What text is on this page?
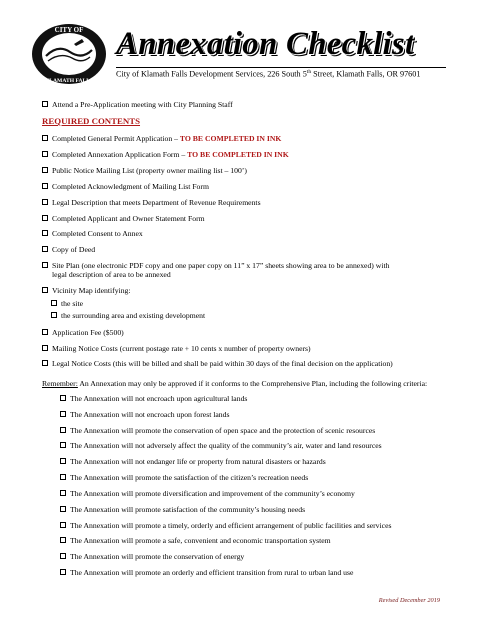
CITY OF
KLAMATH FALLS
Annexation Checklist
City of Klamath Falls Development Services, 226 South 5th Street, Klamath Falls, OR 97601
Attend a Pre-Application meeting with City Planning Staff
REQUIRED CONTENTS
Completed General Permit Application – TO BE COMPLETED IN INK
Completed Annexation Application Form – TO BE COMPLETED IN INK
Public Notice Mailing List (property owner mailing list – 100’)
Completed Acknowledgment of Mailing List Form
Legal Description that meets Department of Revenue Requirements
Completed Applicant and Owner Statement Form
Completed Consent to Annex
Copy of Deed
Site Plan (one electronic PDF copy and one paper copy on 11” x 17” sheets showing area to be annexed) with
legal description of area to be annexed
Vicinity Map identifying:
the site
the surrounding area and existing development
Application Fee ($500)
Mailing Notice Costs (current postage rate + 10 cents x number of property owners)
Legal Notice Costs (this will be billed and shall be paid within 30 days of the final decision on the application)
Remember: An Annexation may only be approved if it conforms to the Comprehensive Plan, including the following criteria:
The Annexation will not encroach upon agricultural lands
The Annexation will not encroach upon forest lands
The Annexation will promote the conservation of open space and the protection of scenic resources
The Annexation will not adversely affect the quality of the community’s air, water and land resources
The Annexation will not endanger life or property from natural disasters or hazards
The Annexation will promote the satisfaction of the citizen’s recreation needs
The Annexation will promote diversification and improvement of the community’s economy
The Annexation will promote satisfaction of the community’s housing needs
The Annexation will promote a timely, orderly and efficient arrangement of public facilities and services
The Annexation will promote a safe, convenient and economic transportation system
The Annexation will promote the conservation of energy
The Annexation will promote an orderly and efficient transition from rural to urban land use
Revised December 2019
